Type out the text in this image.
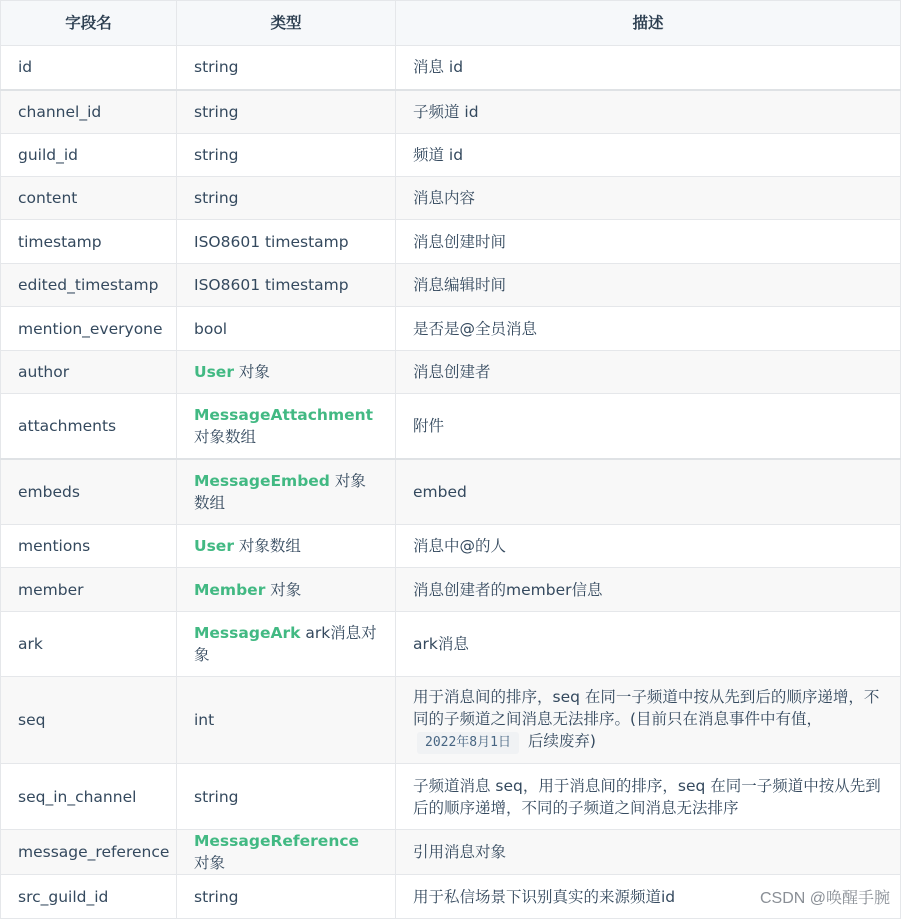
字段名	类型	描述
id	string	消息 id
channel_id	string	子频道 id
guild_id	string	频道 id
content	string	消息内容
timestamp	ISO8601 timestamp	消息创建时间
edited_timestamp	ISO8601 timestamp	消息编辑时间
mention_everyone	bool	是否是@全员消息
author	User 对象	消息创建者
attachments	MessageAttachment 对象数组	附件
embeds	MessageEmbed 对象数组	embed
mentions	User 对象数组	消息中@的人
member	Member 对象	消息创建者的member信息
ark	MessageArk ark消息对象	ark消息
seq	int	用于消息间的排序，seq 在同一子频道中按从先到后的顺序递增，不同的子频道之间消息无法排序。(目前只在消息事件中有值，2022年8月1日 后续废弃)
seq_in_channel	string	子频道消息 seq，用于消息间的排序，seq 在同一子频道中按从先到后的顺序递增，不同的子频道之间消息无法排序
message_reference	MessageReference 对象	引用消息对象
src_guild_id	string	用于私信场景下识别真实的来源频道id	CSDN @唤醒手腕
